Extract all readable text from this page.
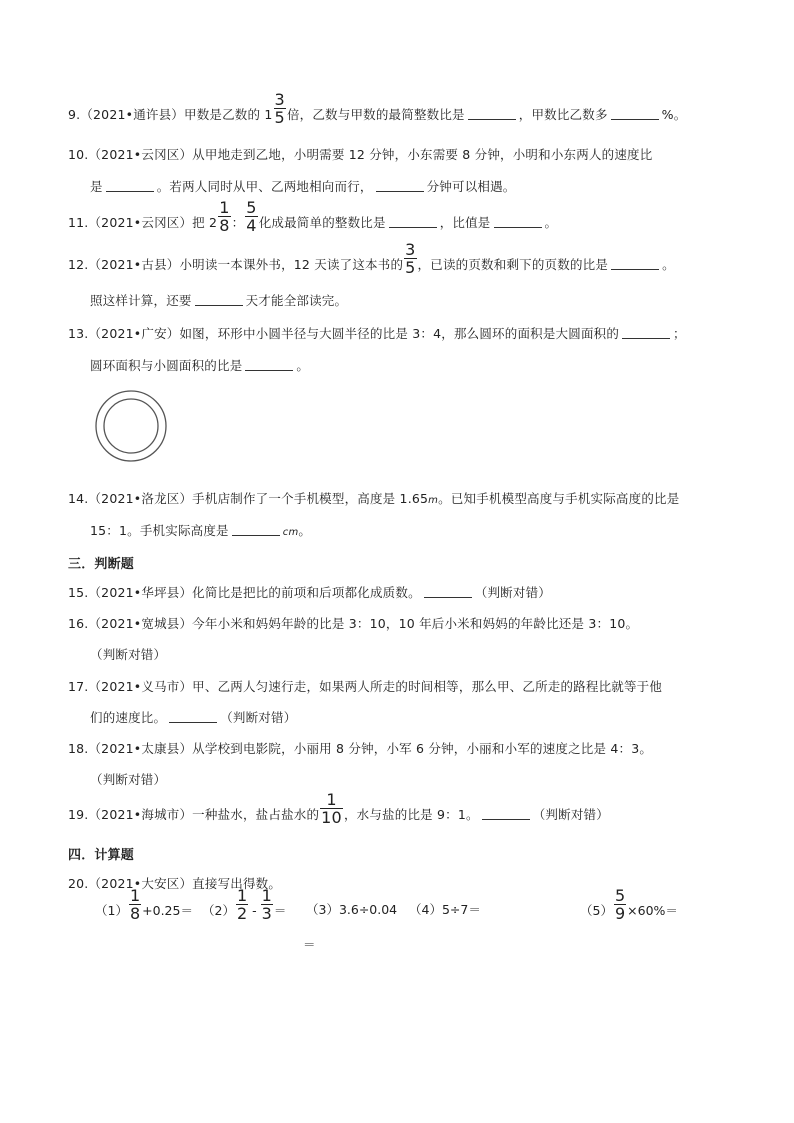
9.（2021•通许县）甲数是乙数的 $1 \frac{3}{5}$ 倍，乙数与甲数的最简整数比是	，甲数比乙数多	%。
10.（2021•云冈区）从甲地走到乙地，小明需要 12 分钟，小东需要 8 分钟，小明和小东两人的速度比
是	。若两人同时从甲、乙两地相向而行，	分钟可以相遇。
11.（2021•云冈区）把 $2 \frac{1}{8}$ ： $\frac{5}{4}$ 化成最简单的整数比是	，比值是	。
12.（2021•古县）小明读一本课外书，12 天读了这本书的 $\frac{3}{5}$ ，已读的页数和剩下的页数的比是	。
照这样计算，还要	天才能全部读完。
13.（2021•广安）如图，环形中小圆半径与大圆半径的比是 3：4，那么圆环的面积是大圆面积的	；
圆环面积与小圆面积的比是	。
14.（2021•洛龙区）手机店制作了一个手机模型，高度是 1.65m。已知手机模型高度与手机实际高度的比是
15：1。手机实际高度是	cm。
三．判断题
15.（2021•华坪县）化简比是把比的前项和后项都化成质数。	（判断对错）
16.（2021•宽城县）今年小米和妈妈年龄的比是 3：10，10 年后小米和妈妈的年龄比还是 3：10。
（判断对错）
17.（2021•义马市）甲、乙两人匀速行走，如果两人所走的时间相等，那么甲、乙所走的路程比就等于他
们的速度比。	（判断对错）
18.（2021•太康县）从学校到电影院，小丽用 8 分钟，小军 6 分钟，小丽和小军的速度之比是 4：3。
（判断对错）
19.（2021•海城市）一种盐水，盐占盐水的 $\frac{1}{10}$ ，水与盐的比是 9：1。	（判断对错）
四．计算题
20.（2021•大安区）直接写出得数。
$(1) \frac{1}{8} +0.25= (2) \frac{1}{2} - \frac{1}{3} = (3)3.6\div 0.04$ （4）5÷7＝	$(5) \frac{5}{9} \times 60\%=$
＝
